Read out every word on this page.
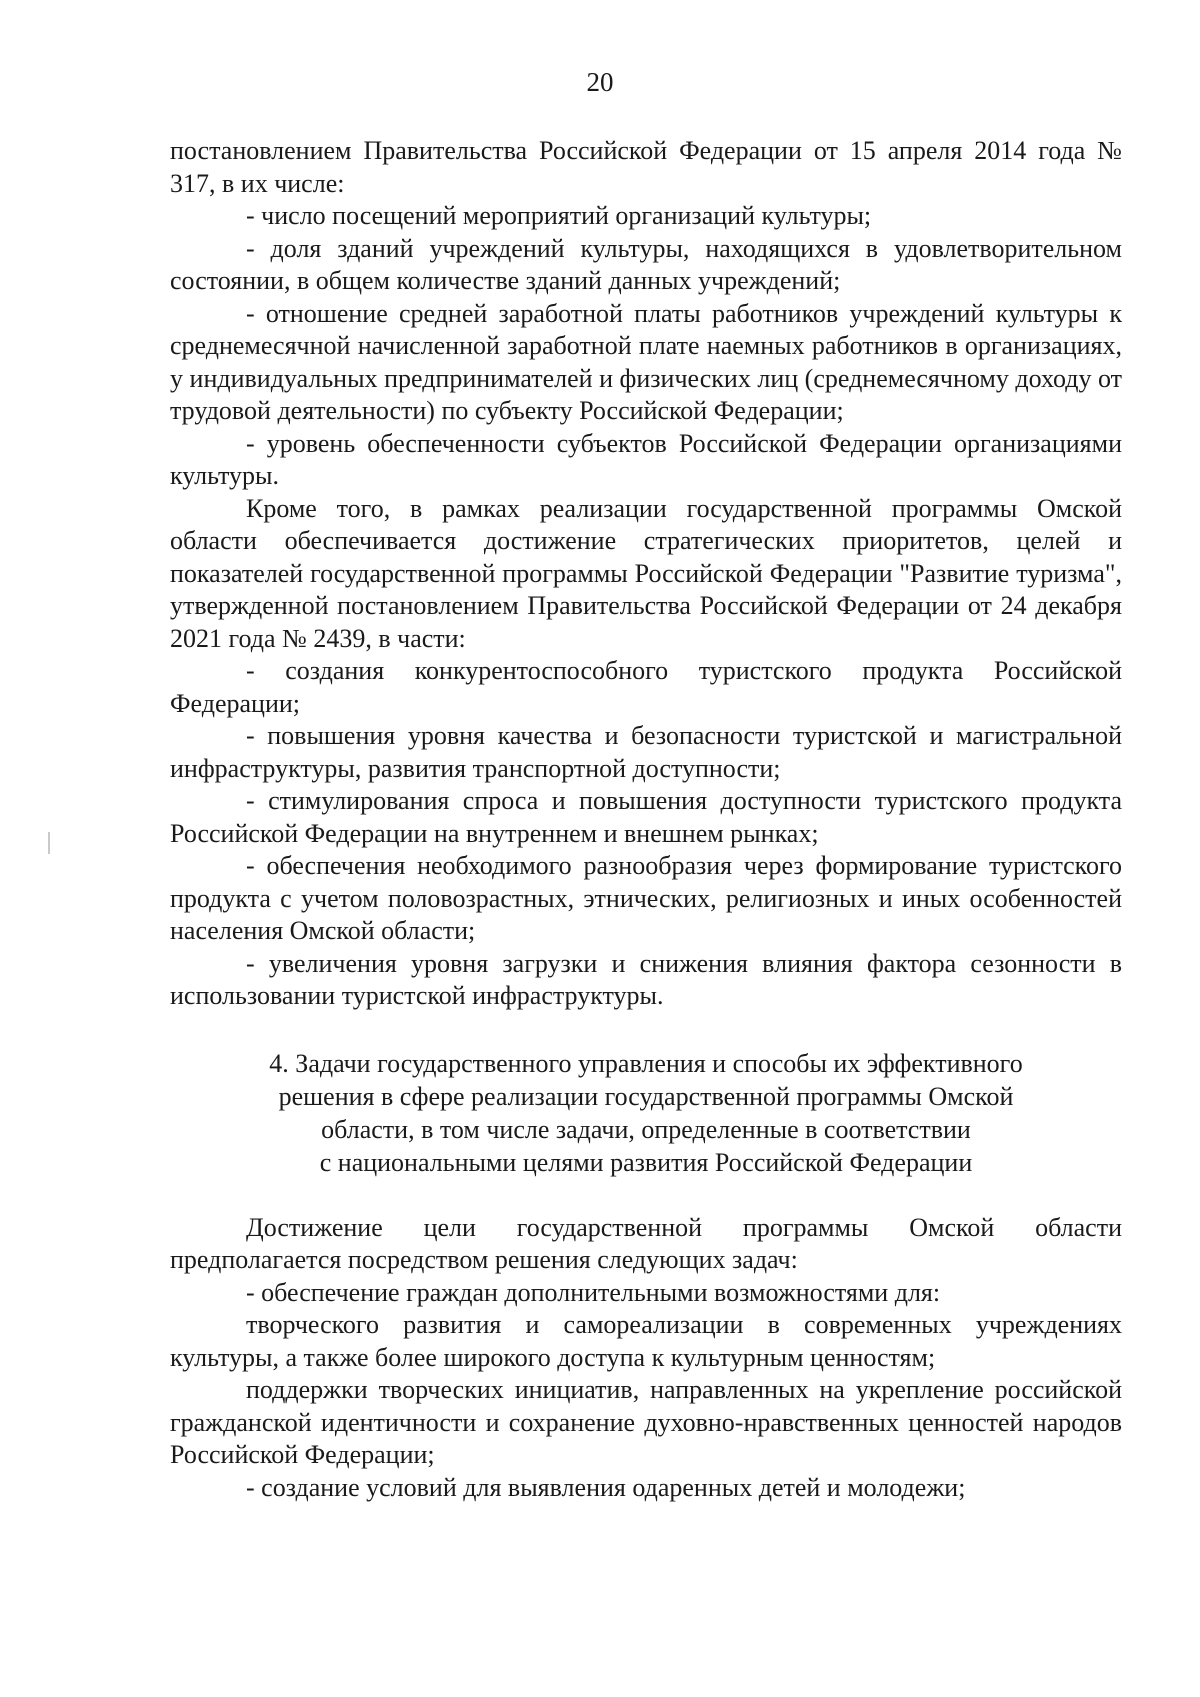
20

постановлением Правительства Российской Федерации от 15 апреля 2014 года № 317, в их числе:

- число посещений мероприятий организаций культуры;

- доля зданий учреждений культуры, находящихся в удовлетворительном состоянии, в общем количестве зданий данных учреждений;

- отношение средней заработной платы работников учреждений культуры к среднемесячной начисленной заработной плате наемных работников в организациях, у индивидуальных предпринимателей и физических лиц (среднемесячному доходу от трудовой деятельности) по субъекту Российской Федерации;

- уровень обеспеченности субъектов Российской Федерации организациями культуры.

Кроме того, в рамках реализации государственной программы Омской области обеспечивается достижение стратегических приоритетов, целей и показателей государственной программы Российской Федерации "Развитие туризма", утвержденной постановлением Правительства Российской Федерации от 24 декабря 2021 года № 2439, в части:

- создания конкурентоспособного туристского продукта Российской Федерации;

- повышения уровня качества и безопасности туристской и магистральной инфраструктуры, развития транспортной доступности;

- стимулирования спроса и повышения доступности туристского продукта Российской Федерации на внутреннем и внешнем рынках;

- обеспечения необходимого разнообразия через формирование туристского продукта с учетом половозрастных, этнических, религиозных и иных особенностей населения Омской области;

- увеличения уровня загрузки и снижения влияния фактора сезонности в использовании туристской инфраструктуры.

4. Задачи государственного управления и способы их эффективного
решения в сфере реализации государственной программы Омской
области, в том числе задачи, определенные в соответствии
с национальными целями развития Российской Федерации

Достижение цели государственной программы Омской области предполагается посредством решения следующих задач:

- обеспечение граждан дополнительными возможностями для:

творческого развития и самореализации в современных учреждениях культуры, а также более широкого доступа к культурным ценностям;

поддержки творческих инициатив, направленных на укрепление российской гражданской идентичности и сохранение духовно-нравственных ценностей народов Российской Федерации;

- создание условий для выявления одаренных детей и молодежи;
